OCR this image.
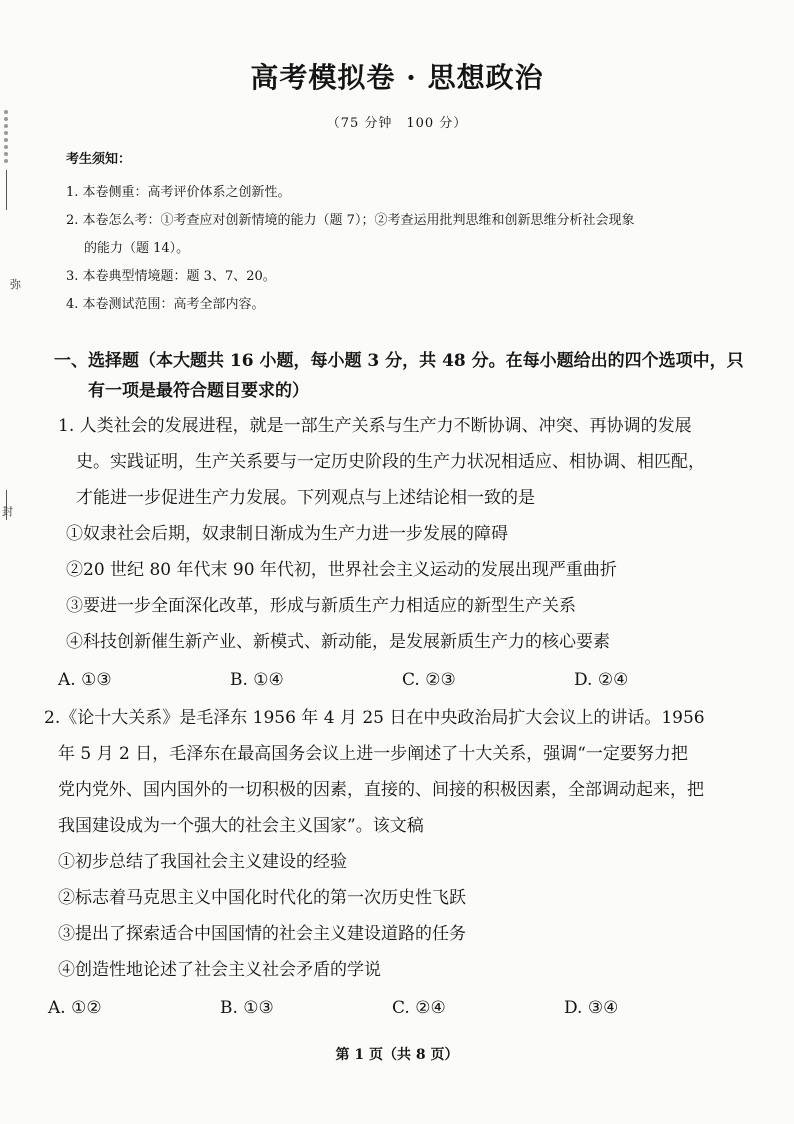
弥
封
高考模拟卷 · 思想政治
（75 分钟　100 分）
考生须知：
1. 本卷侧重：高考评价体系之创新性。
2. 本卷怎么考：①考查应对创新情境的能力（题 7）；②考查运用批判思维和创新思维分析社会现象
的能力（题 14）。
3. 本卷典型情境题：题 3、7、20。
4. 本卷测试范围：高考全部内容。
一、选择题（本大题共 16 小题，每小题 3 分，共 48 分。在每小题给出的四个选项中，只
有一项是最符合题目要求的）
1. 人类社会的发展进程，就是一部生产关系与生产力不断协调、冲突、再协调的发展
史。实践证明，生产关系要与一定历史阶段的生产力状况相适应、相协调、相匹配，
才能进一步促进生产力发展。下列观点与上述结论相一致的是
①奴隶社会后期，奴隶制日渐成为生产力进一步发展的障碍
②20 世纪 80 年代末 90 年代初，世界社会主义运动的发展出现严重曲折
③要进一步全面深化改革，形成与新质生产力相适应的新型生产关系
④科技创新催生新产业、新模式、新动能，是发展新质生产力的核心要素
A. ①③	B. ①④	C. ②③	D. ②④
2.《论十大关系》是毛泽东 1956 年 4 月 25 日在中央政治局扩大会议上的讲话。1956
年 5 月 2 日，毛泽东在最高国务会议上进一步阐述了十大关系，强调“一定要努力把
党内党外、国内国外的一切积极的因素，直接的、间接的积极因素，全部调动起来，把
我国建设成为一个强大的社会主义国家”。该文稿
①初步总结了我国社会主义建设的经验
②标志着马克思主义中国化时代化的第一次历史性飞跃
③提出了探索适合中国国情的社会主义建设道路的任务
④创造性地论述了社会主义社会矛盾的学说
A. ①②	B. ①③	C. ②④	D. ③④
第 1 页（共 8 页）
